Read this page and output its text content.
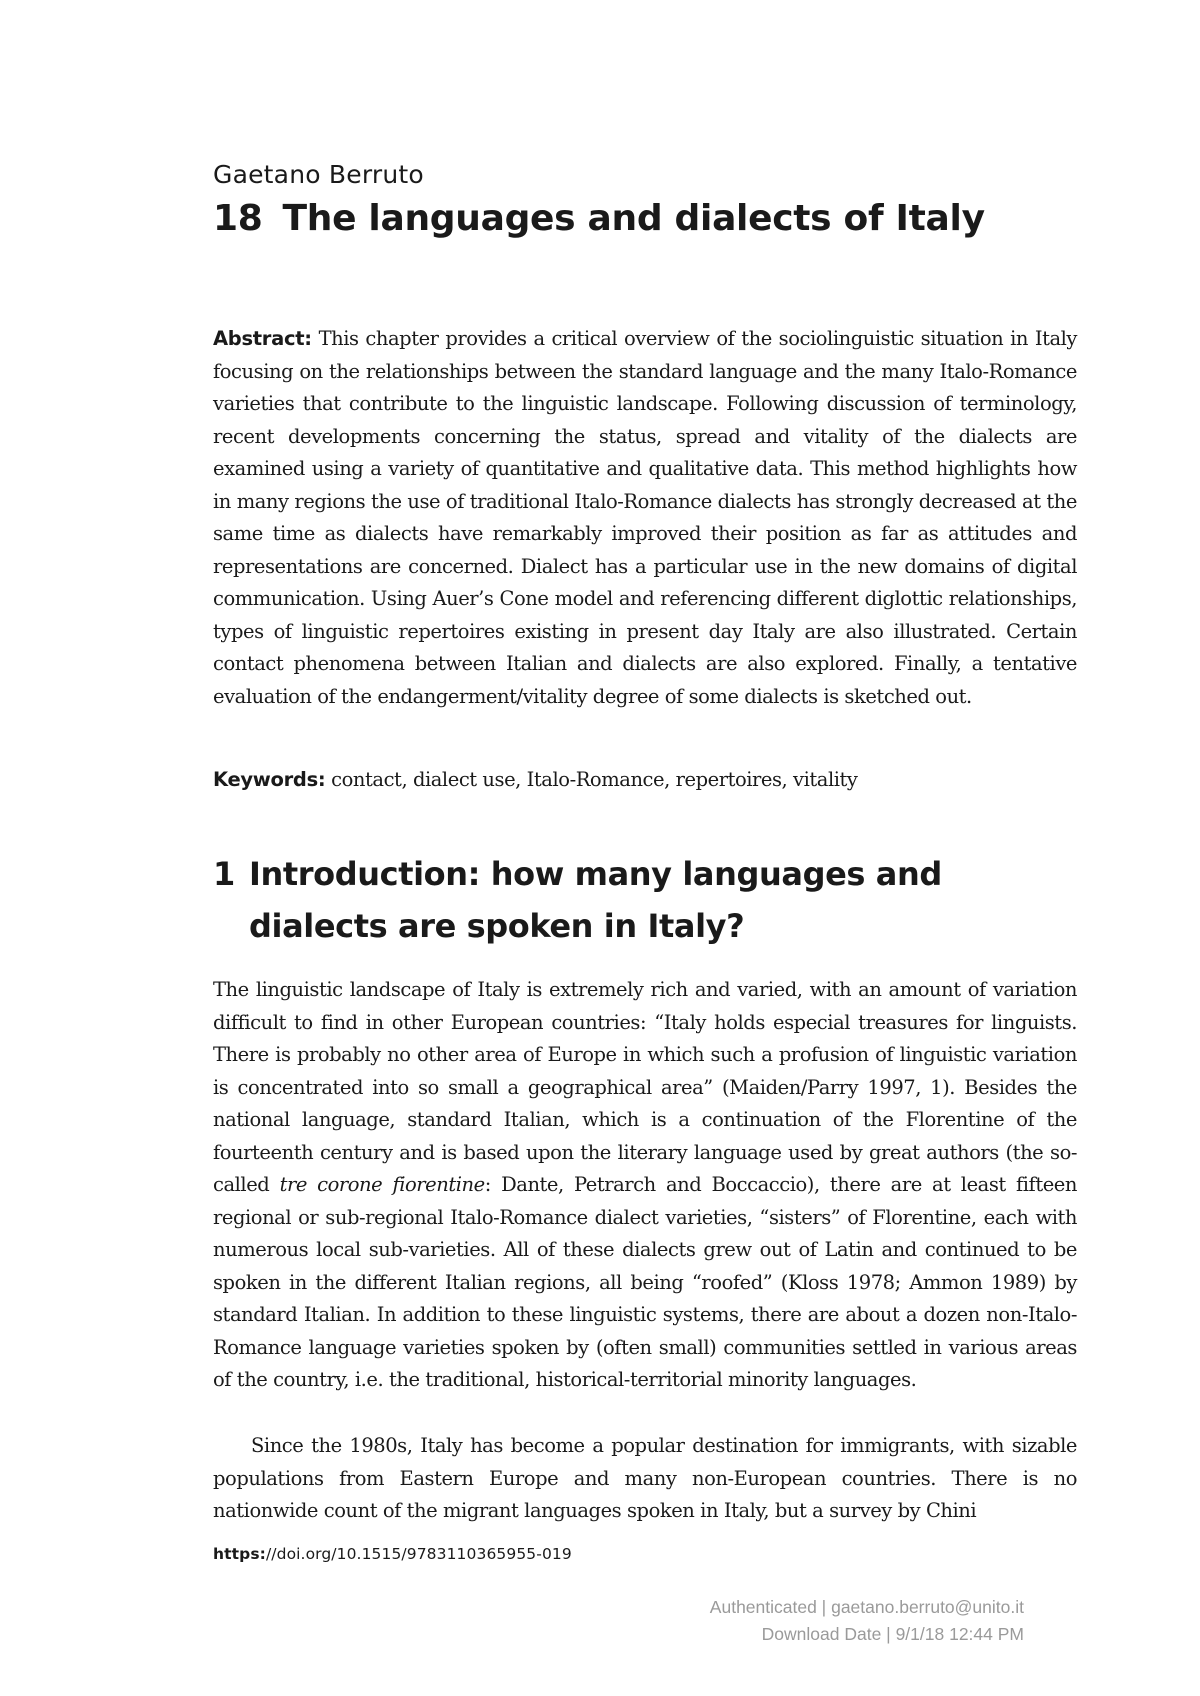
Gaetano Berruto
18 The languages and dialects of Italy

Abstract: This chapter provides a critical overview of the sociolinguistic situation in Italy focusing on the relationships between the standard language and the many Italo-Romance varieties that contribute to the linguistic landscape. Following discussion of terminology, recent developments concerning the status, spread and vitality of the dialects are examined using a variety of quantitative and qualitative data. This method highlights how in many regions the use of traditional Italo-Romance dialects has strongly decreased at the same time as dialects have remarkably improved their position as far as attitudes and representations are concerned. Dialect has a particular use in the new domains of digital communication. Using Auer’s Cone model and referencing different diglottic relationships, types of linguistic repertoires existing in present day Italy are also illustrated. Certain contact phenomena between Italian and dialects are also explored. Finally, a tentative evaluation of the endangerment/vitality degree of some dialects is sketched out.

Keywords: contact, dialect use, Italo-Romance, repertoires, vitality

1 Introduction: how many languages and dialects are spoken in Italy?

The linguistic landscape of Italy is extremely rich and varied, with an amount of variation difficult to find in other European countries: “Italy holds especial treasures for linguists. There is probably no other area of Europe in which such a profusion of linguistic variation is concentrated into so small a geographical area” (Maiden/Parry 1997, 1). Besides the national language, standard Italian, which is a continuation of the Florentine of the fourteenth century and is based upon the literary language used by great authors (the so-called tre corone fiorentine: Dante, Petrarch and Boccaccio), there are at least fifteen regional or sub-regional Italo-Romance dialect varieties, “sisters” of Florentine, each with numerous local sub-varieties. All of these dialects grew out of Latin and continued to be spoken in the different Italian regions, all being “roofed” (Kloss 1978; Ammon 1989) by standard Italian. In addition to these linguistic systems, there are about a dozen non-Italo-Romance language varieties spoken by (often small) communities settled in various areas of the country, i.e. the traditional, historical-territorial minority languages.

Since the 1980s, Italy has become a popular destination for immigrants, with sizable populations from Eastern Europe and many non-European countries. There is no nationwide count of the migrant languages spoken in Italy, but a survey by Chini

https://doi.org/10.1515/9783110365955-019
Authenticated | gaetano.berruto@unito.it
Download Date | 9/1/18 12:44 PM
